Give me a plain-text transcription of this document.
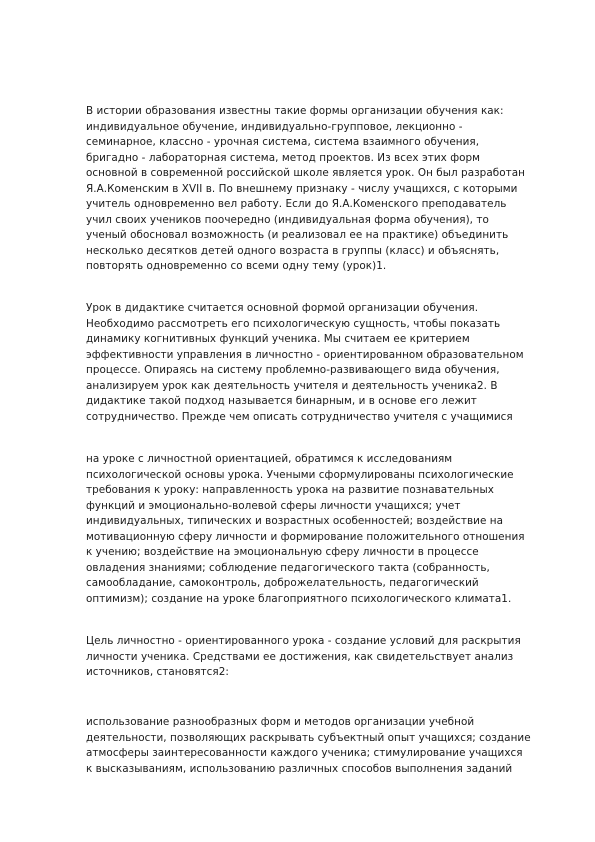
В истории образования известны такие формы организации обучения как:
индивидуальное обучение, индивидуально-групповое, лекционно -
семинарное, классно - урочная система, система взаимного обучения,
бригадно - лабораторная система, метод проектов. Из всех этих форм
основной в современной российской школе является урок. Он был разработан
Я.А.Коменским в XVII в. По внешнему признаку - числу учащихся, с которыми
учитель одновременно вел работу. Если до Я.А.Коменского преподаватель
учил своих учеников поочередно (индивидуальная форма обучения), то
ученый обосновал возможность (и реализовал ее на практике) объединить
несколько десятков детей одного возраста в группы (класс) и объяснять,
повторять одновременно со всеми одну тему (урок)1.
Урок в дидактике считается основной формой организации обучения.
Необходимо рассмотреть его психологическую сущность, чтобы показать
динамику когнитивных функций ученика. Мы считаем ее критерием
эффективности управления в личностно - ориентированном образовательном
процессе. Опираясь на систему проблемно-развивающего вида обучения,
анализируем урок как деятельность учителя и деятельность ученика2. В
дидактике такой подход называется бинарным, и в основе его лежит
сотрудничество. Прежде чем описать сотрудничество учителя с учащимися
на уроке с личностной ориентацией, обратимся к исследованиям
психологической основы урока. Учеными сформулированы психологические
требования к уроку: направленность урока на развитие познавательных
функций и эмоционально-волевой сферы личности учащихся; учет
индивидуальных, типических и возрастных особенностей; воздействие на
мотивационную сферу личности и формирование положительного отношения
к учению; воздействие на эмоциональную сферу личности в процессе
овладения знаниями; соблюдение педагогического такта (собранность,
самообладание, самоконтроль, доброжелательность, педагогический
оптимизм); создание на уроке благоприятного психологического климата1.
Цель личностно - ориентированного урока - создание условий для раскрытия
личности ученика. Средствами ее достижения, как свидетельствует анализ
источников, становятся2:
использование разнообразных форм и методов организации учебной
деятельности, позволяющих раскрывать субъектный опыт учащихся; создание
атмосферы заинтересованности каждого ученика; стимулирование учащихся
к высказываниям, использованию различных способов выполнения заданий
